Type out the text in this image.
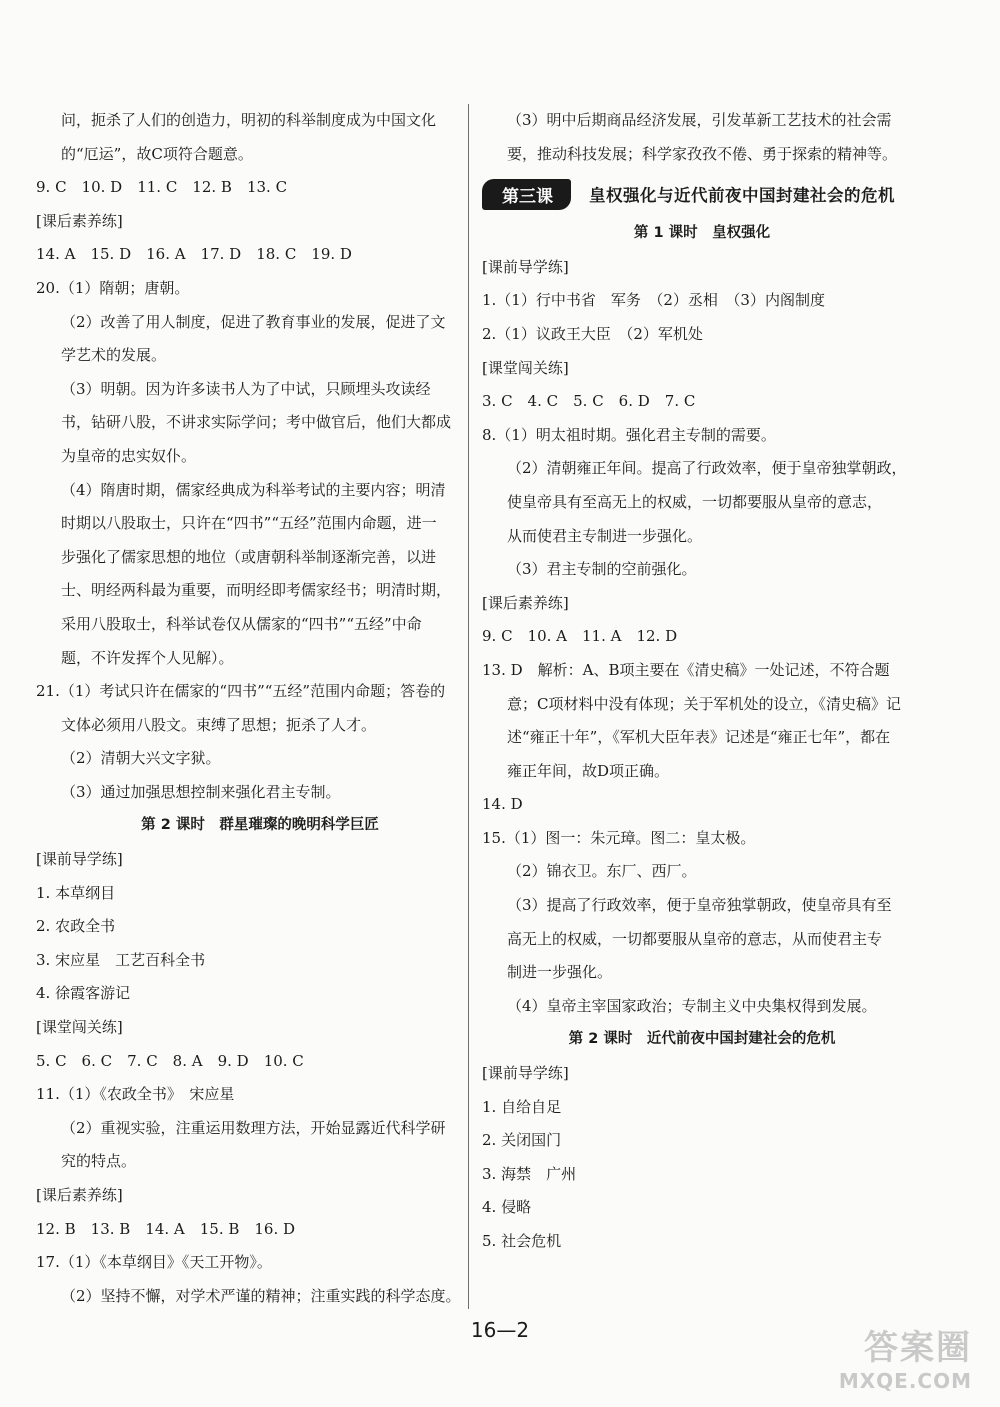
问，扼杀了人们的创造力，明初的科举制度成为中国文化
的“厄运”，故C项符合题意。
9. C　10. D　11. C　12. B　13. C
[课后素养练]
14. A　15. D　16. A　17. D　18. C　19. D
20.（1）隋朝；唐朝。
（2）改善了用人制度，促进了教育事业的发展，促进了文
学艺术的发展。
（3）明朝。因为许多读书人为了中试，只顾埋头攻读经
书，钻研八股，不讲求实际学问；考中做官后，他们大都成
为皇帝的忠实奴仆。
（4）隋唐时期，儒家经典成为科举考试的主要内容；明清
时期以八股取士，只许在“四书”“五经”范围内命题，进一
步强化了儒家思想的地位（或唐朝科举制逐渐完善，以进
士、明经两科最为重要，而明经即考儒家经书；明清时期，
采用八股取士，科举试卷仅从儒家的“四书”“五经”中命
题，不许发挥个人见解）。
21.（1）考试只许在儒家的“四书”“五经”范围内命题；答卷的
文体必须用八股文。束缚了思想；扼杀了人才。
（2）清朝大兴文字狱。
（3）通过加强思想控制来强化君主专制。
第 2 课时　群星璀璨的晚明科学巨匠
[课前导学练]
1. 本草纲目
2. 农政全书
3. 宋应星　工艺百科全书
4. 徐霞客游记
[课堂闯关练]
5. C　6. C　7. C　8. A　9. D　10. C
11.（1）《农政全书》　宋应星
（2）重视实验，注重运用数理方法，开始显露近代科学研
究的特点。
[课后素养练]
12. B　13. B　14. A　15. B　16. D
17.（1）《本草纲目》《天工开物》。
（2）坚持不懈，对学术严谨的精神；注重实践的科学态度。
（3）明中后期商品经济发展，引发革新工艺技术的社会需
要，推动科技发展；科学家孜孜不倦、勇于探索的精神等。
第三课	皇权强化与近代前夜中国封建社会的危机
第 1 课时　皇权强化
[课前导学练]
1.（1）行中书省　军务　（2）丞相　（3）内阁制度
2.（1）议政王大臣　（2）军机处
[课堂闯关练]
3. C　4. C　5. C　6. D　7. C
8.（1）明太祖时期。强化君主专制的需要。
（2）清朝雍正年间。提高了行政效率，便于皇帝独掌朝政，
使皇帝具有至高无上的权威，一切都要服从皇帝的意志，
从而使君主专制进一步强化。
（3）君主专制的空前强化。
[课后素养练]
9. C　10. A　11. A　12. D
13. D　解析：A、B项主要在《清史稿》一处记述，不符合题
意；C项材料中没有体现；关于军机处的设立，《清史稿》记
述“雍正十年”，《军机大臣年表》记述是“雍正七年”，都在
雍正年间，故D项正确。
14. D
15.（1）图一：朱元璋。图二：皇太极。
（2）锦衣卫。东厂、西厂。
（3）提高了行政效率，便于皇帝独掌朝政，使皇帝具有至
高无上的权威，一切都要服从皇帝的意志，从而使君主专
制进一步强化。
（4）皇帝主宰国家政治；专制主义中央集权得到发展。
第 2 课时　近代前夜中国封建社会的危机
[课前导学练]
1. 自给自足
2. 关闭国门
3. 海禁　广州
4. 侵略
5. 社会危机
16—2	答案圈
MXQE.COM
